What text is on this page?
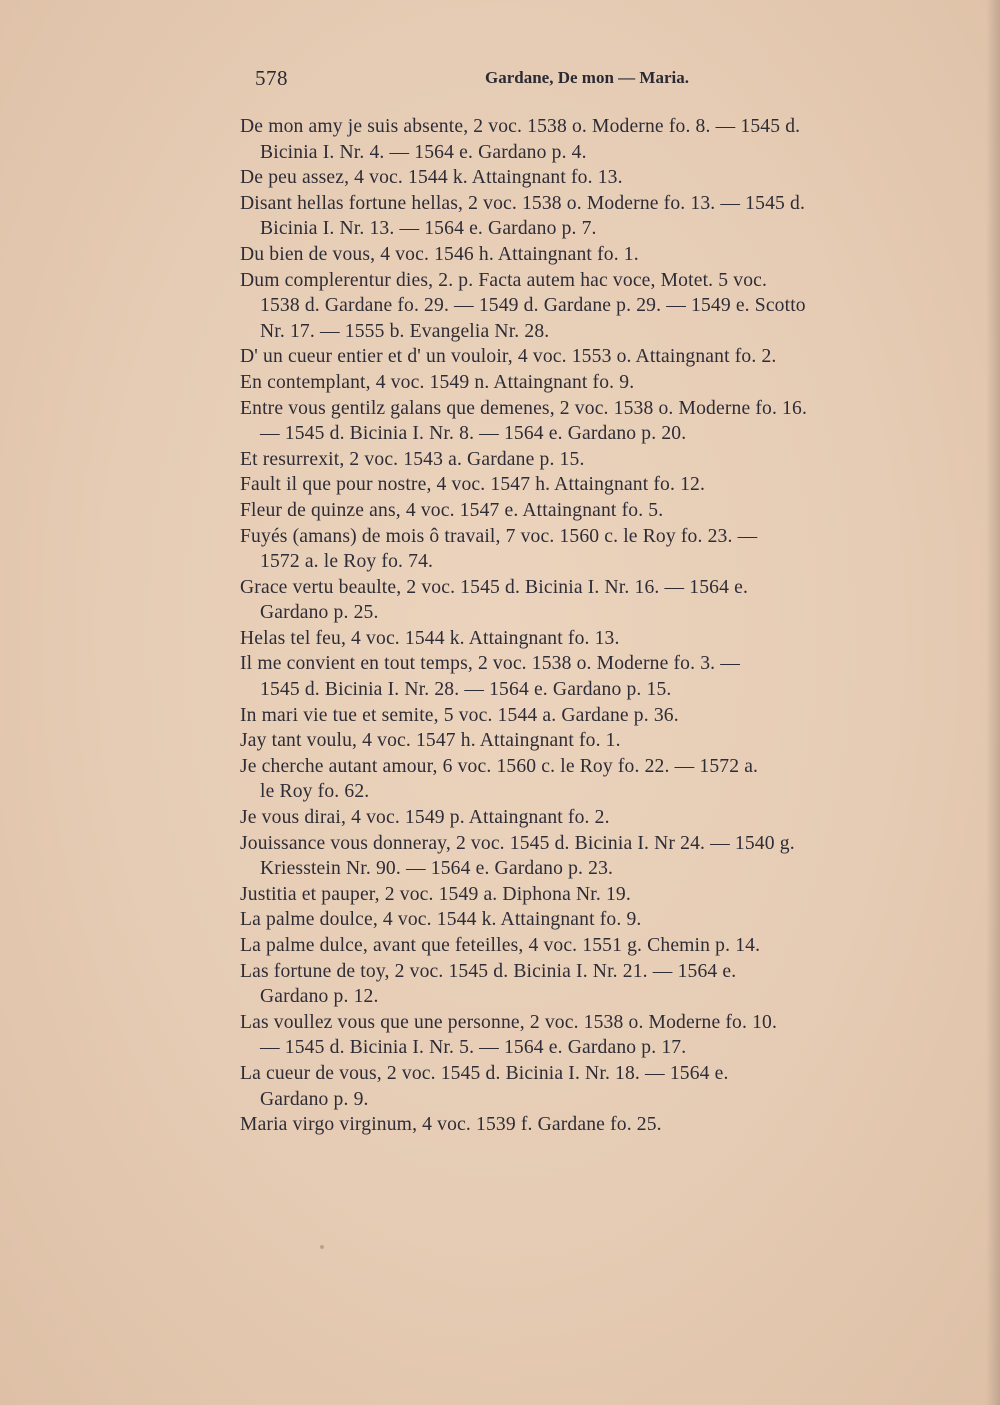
578	Gardane, De mon — Maria.

De mon amy je suis absente, 2 voc. 1538 o. Moderne fo. 8. — 1545 d.
Bicinia I. Nr. 4. — 1564 e. Gardano p. 4.

De peu assez, 4 voc. 1544 k. Attaingnant fo. 13.

Disant hellas fortune hellas, 2 voc. 1538 o. Moderne fo. 13. — 1545 d.
Bicinia I. Nr. 13. — 1564 e. Gardano p. 7.

Du bien de vous, 4 voc. 1546 h. Attaingnant fo. 1.

Dum complerentur dies, 2. p. Facta autem hac voce, Motet. 5 voc.
1538 d. Gardane fo. 29. — 1549 d. Gardane p. 29. — 1549 e. Scotto
Nr. 17. — 1555 b. Evangelia Nr. 28.

D' un cueur entier et d' un vouloir, 4 voc. 1553 o. Attaingnant fo. 2.

En contemplant, 4 voc. 1549 n. Attaingnant fo. 9.

Entre vous gentilz galans que demenes, 2 voc. 1538 o. Moderne fo. 16.
— 1545 d. Bicinia I. Nr. 8. — 1564 e. Gardano p. 20.

Et resurrexit, 2 voc. 1543 a. Gardane p. 15.

Fault il que pour nostre, 4 voc. 1547 h. Attaingnant fo. 12.

Fleur de quinze ans, 4 voc. 1547 e. Attaingnant fo. 5.

Fuyés (amans) de mois ô travail, 7 voc. 1560 c. le Roy fo. 23. —
1572 a. le Roy fo. 74.

Grace vertu beaulte, 2 voc. 1545 d. Bicinia I. Nr. 16. — 1564 e.
Gardano p. 25.

Helas tel feu, 4 voc. 1544 k. Attaingnant fo. 13.

Il me convient en tout temps, 2 voc. 1538 o. Moderne fo. 3. —
1545 d. Bicinia I. Nr. 28. — 1564 e. Gardano p. 15.

In mari vie tue et semite, 5 voc. 1544 a. Gardane p. 36.

Jay tant voulu, 4 voc. 1547 h. Attaingnant fo. 1.

Je cherche autant amour, 6 voc. 1560 c. le Roy fo. 22. — 1572 a.
le Roy fo. 62.

Je vous dirai, 4 voc. 1549 p. Attaingnant fo. 2.

Jouissance vous donneray, 2 voc. 1545 d. Bicinia I. Nr 24. — 1540 g.
Kriesstein Nr. 90. — 1564 e. Gardano p. 23.

Justitia et pauper, 2 voc. 1549 a. Diphona Nr. 19.

La palme doulce, 4 voc. 1544 k. Attaingnant fo. 9.

La palme dulce, avant que feteilles, 4 voc. 1551 g. Chemin p. 14.

Las fortune de toy, 2 voc. 1545 d. Bicinia I. Nr. 21. — 1564 e.
Gardano p. 12.

Las voullez vous que une personne, 2 voc. 1538 o. Moderne fo. 10.
— 1545 d. Bicinia I. Nr. 5. — 1564 e. Gardano p. 17.

La cueur de vous, 2 voc. 1545 d. Bicinia I. Nr. 18. — 1564 e.
Gardano p. 9.

Maria virgo virginum, 4 voc. 1539 f. Gardane fo. 25.
